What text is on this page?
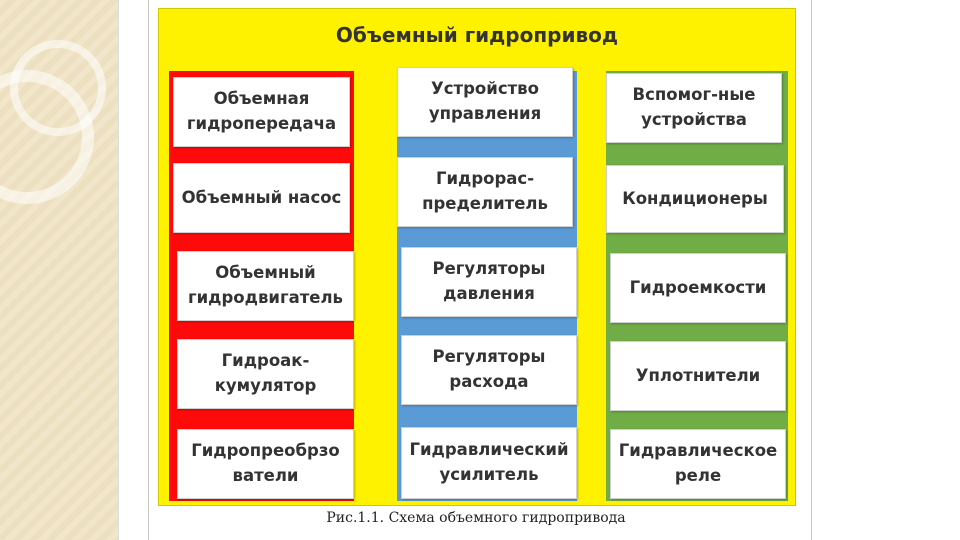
Объемный гидропривод
Объемная гидропередача
Объемный насос
Объемный гидродвигатель
Гидроак-кумулятор
Гидропреобрзо ватели
Устройство управления
Гидрорас-пределитель
Регуляторы давления
Регуляторы расхода
Гидравлический усилитель
Вспомог-ные устройства
Кондиционеры
Гидроемкости
Уплотнители
Гидравлическое реле
Рис.1.1. Схема объемного гидропривода
